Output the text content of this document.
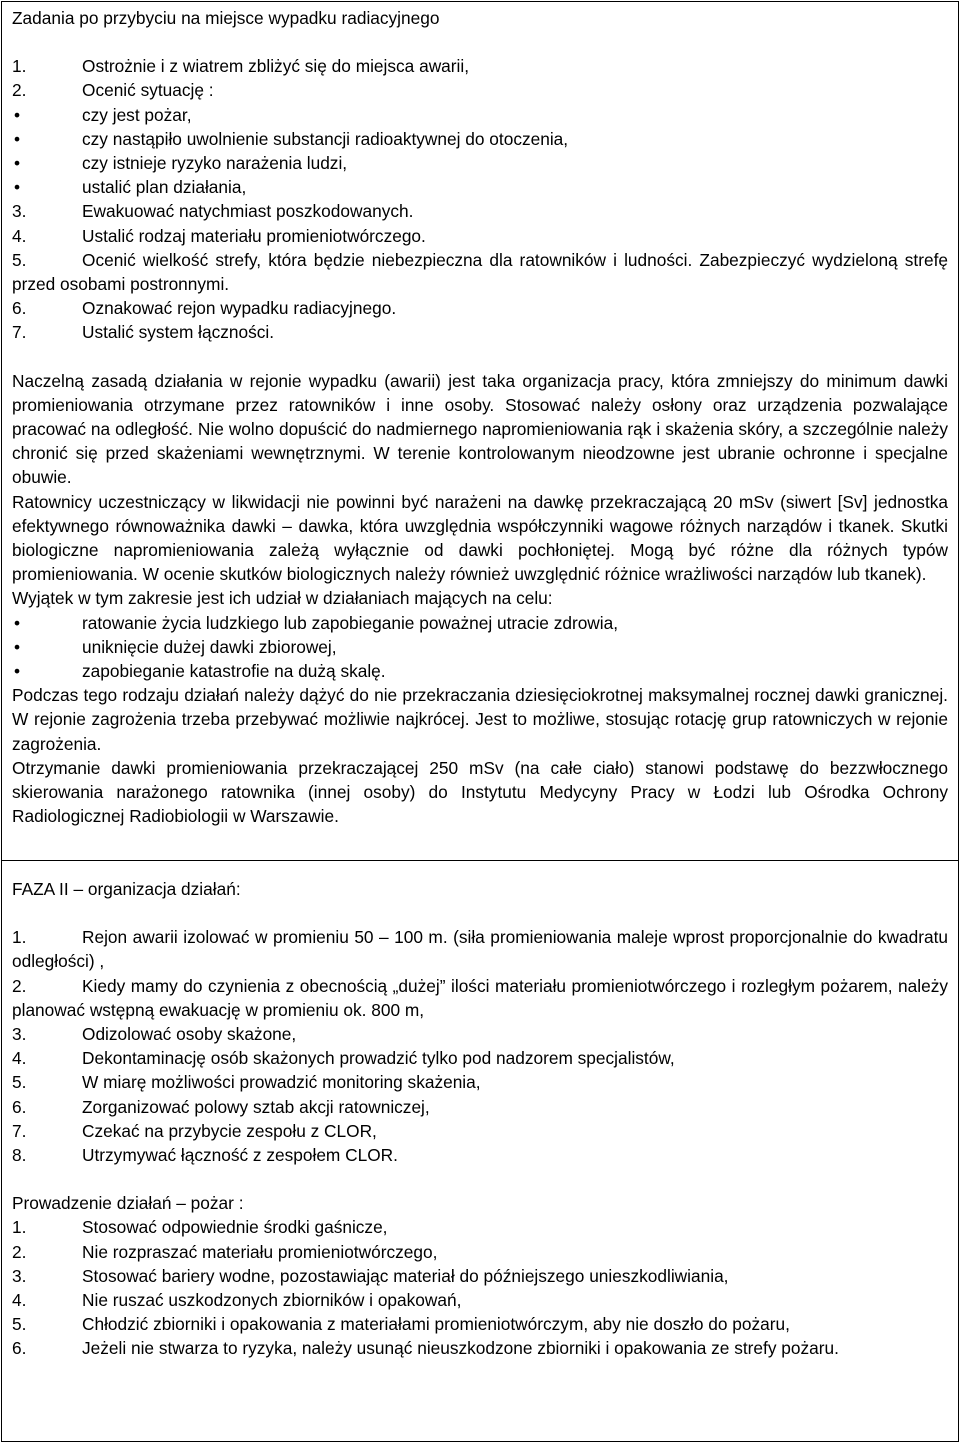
Zadania po przybyciu na miejsce wypadku radiacyjnego
1.	Ostrożnie i z wiatrem zbliżyć się do miejsca awarii,
2.	Ocenić sytuację :
•	czy jest pożar,
•	czy nastąpiło uwolnienie substancji radioaktywnej do otoczenia,
•	czy istnieje ryzyko narażenia ludzi,
•	ustalić plan działania,
3.	Ewakuować natychmiast poszkodowanych.
4.	Ustalić rodzaj materiału promieniotwórczego.
5.	Ocenić wielkość strefy, która będzie niebezpieczna dla ratowników i ludności. Zabezpieczyć wydzieloną strefę przed osobami postronnymi.
6.	Oznakować rejon wypadku radiacyjnego.
7.	Ustalić system łączności.
Naczelną zasadą działania w rejonie wypadku (awarii) jest taka organizacja pracy, która zmniejszy do minimum dawki promieniowania otrzymane przez ratowników i inne osoby. Stosować należy osłony oraz urządzenia pozwalające pracować na odległość. Nie wolno dopuścić do nadmiernego napromieniowania rąk i skażenia skóry, a szczególnie należy chronić się przed skażeniami wewnętrznymi. W terenie kontrolowanym nieodzowne jest ubranie ochronne i specjalne obuwie.
Ratownicy uczestniczący w likwidacji nie powinni być narażeni na dawkę przekraczającą 20 mSv (siwert [Sv] jednostka efektywnego równoważnika dawki – dawka, która uwzględnia współczynniki wagowe różnych narządów i tkanek. Skutki biologiczne napromieniowania zależą wyłącznie od dawki pochłoniętej. Mogą być różne dla różnych typów promieniowania. W ocenie skutków biologicznych należy również uwzględnić różnice wrażliwości narządów lub tkanek).
Wyjątek w tym zakresie jest ich udział w działaniach mających na celu:
•	ratowanie życia ludzkiego lub zapobieganie poważnej utracie zdrowia,
•	uniknięcie dużej dawki zbiorowej,
•	zapobieganie katastrofie na dużą skalę.
Podczas tego rodzaju działań należy dążyć do nie przekraczania dziesięciokrotnej maksymalnej rocznej dawki granicznej. W rejonie zagrożenia trzeba przebywać możliwie najkrócej. Jest to możliwe, stosując rotację grup ratowniczych w rejonie zagrożenia.
Otrzymanie dawki promieniowania przekraczającej 250 mSv (na całe ciało) stanowi podstawę do bezzwłocznego skierowania narażonego ratownika (innej osoby) do Instytutu Medycyny Pracy w Łodzi lub Ośrodka Ochrony Radiologicznej Radiobiologii w Warszawie.
FAZA II – organizacja działań:
1.	Rejon awarii izolować w promieniu 50 – 100 m. (siła promieniowania maleje wprost proporcjonalnie do kwadratu odległości) ,
2.	Kiedy mamy do czynienia z obecnością „dużej” ilości materiału promieniotwórczego i rozległym pożarem, należy planować wstępną ewakuację w promieniu ok. 800 m,
3.	Odizolować osoby skażone,
4.	Dekontaminację osób skażonych prowadzić tylko pod nadzorem specjalistów,
5.	W miarę możliwości prowadzić monitoring skażenia,
6.	Zorganizować polowy sztab akcji ratowniczej,
7.	Czekać na przybycie zespołu z CLOR,
8.	Utrzymywać łączność z zespołem CLOR.
Prowadzenie działań – pożar :
1.	Stosować odpowiednie środki gaśnicze,
2.	Nie rozpraszać materiału promieniotwórczego,
3.	Stosować bariery wodne, pozostawiając materiał do późniejszego unieszkodliwiania,
4.	Nie ruszać uszkodzonych zbiorników i opakowań,
5.	Chłodzić zbiorniki i opakowania z materiałami promieniotwórczym, aby nie doszło do pożaru,
6.	Jeżeli nie stwarza to ryzyka, należy usunąć nieuszkodzone zbiorniki i opakowania ze strefy pożaru.
